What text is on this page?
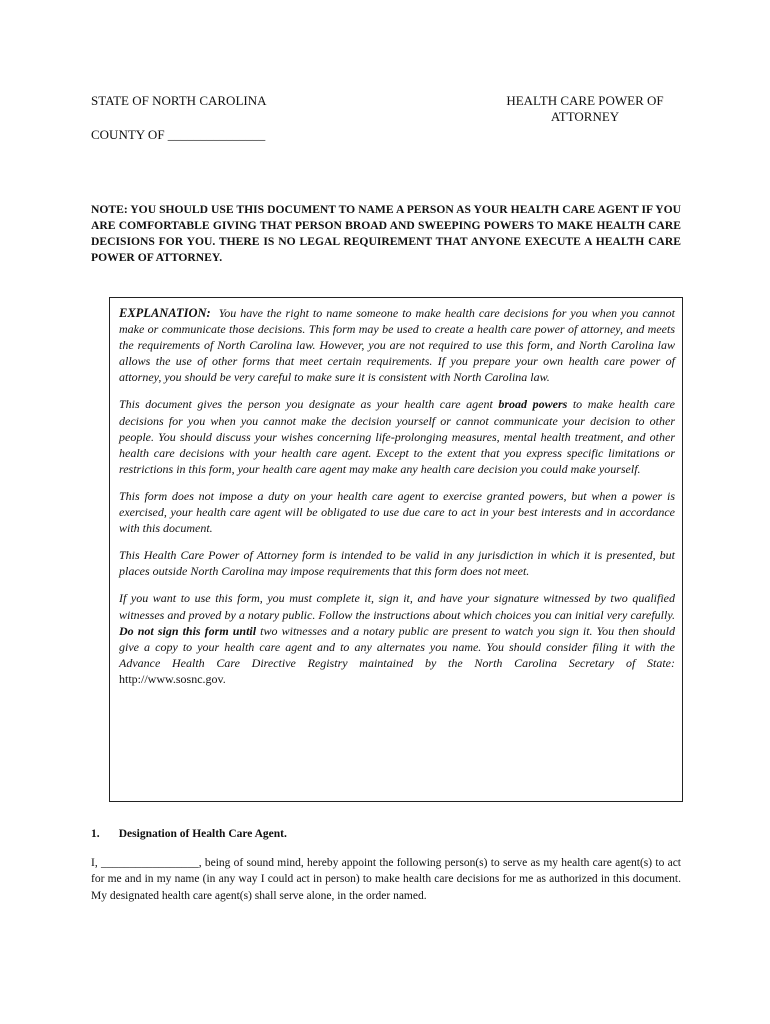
STATE OF NORTH CAROLINA
COUNTY OF _______________
HEALTH CARE POWER OF ATTORNEY
NOTE: YOU SHOULD USE THIS DOCUMENT TO NAME A PERSON AS YOUR HEALTH CARE AGENT IF YOU ARE COMFORTABLE GIVING THAT PERSON BROAD AND SWEEPING POWERS TO MAKE HEALTH CARE DECISIONS FOR YOU. THERE IS NO LEGAL REQUIREMENT THAT ANYONE EXECUTE A HEALTH CARE POWER OF ATTORNEY.

EXPLANATION: You have the right to name someone to make health care decisions for you when you cannot make or communicate those decisions. This form may be used to create a health care power of attorney, and meets the requirements of North Carolina law. However, you are not required to use this form, and North Carolina law allows the use of other forms that meet certain requirements. If you prepare your own health care power of attorney, you should be very careful to make sure it is consistent with North Carolina law.

This document gives the person you designate as your health care agent broad powers to make health care decisions for you when you cannot make the decision yourself or cannot communicate your decision to other people. You should discuss your wishes concerning life-prolonging measures, mental health treatment, and other health care decisions with your health care agent. Except to the extent that you express specific limitations or restrictions in this form, your health care agent may make any health care decision you could make yourself.

This form does not impose a duty on your health care agent to exercise granted powers, but when a power is exercised, your health care agent will be obligated to use due care to act in your best interests and in accordance with this document.

This Health Care Power of Attorney form is intended to be valid in any jurisdiction in which it is presented, but places outside North Carolina may impose requirements that this form does not meet.

If you want to use this form, you must complete it, sign it, and have your signature witnessed by two qualified witnesses and proved by a notary public. Follow the instructions about which choices you can initial very carefully. Do not sign this form until two witnesses and a notary public are present to watch you sign it. You then should give a copy to your health care agent and to any alternates you name. You should consider filing it with the Advance Health Care Directive Registry maintained by the North Carolina Secretary of State: http://www.sosnc.gov.

1. Designation of Health Care Agent.
I, _________________, being of sound mind, hereby appoint the following person(s) to serve as my health care agent(s) to act for me and in my name (in any way I could act in person) to make health care decisions for me as authorized in this document. My designated health care agent(s) shall serve alone, in the order named.
